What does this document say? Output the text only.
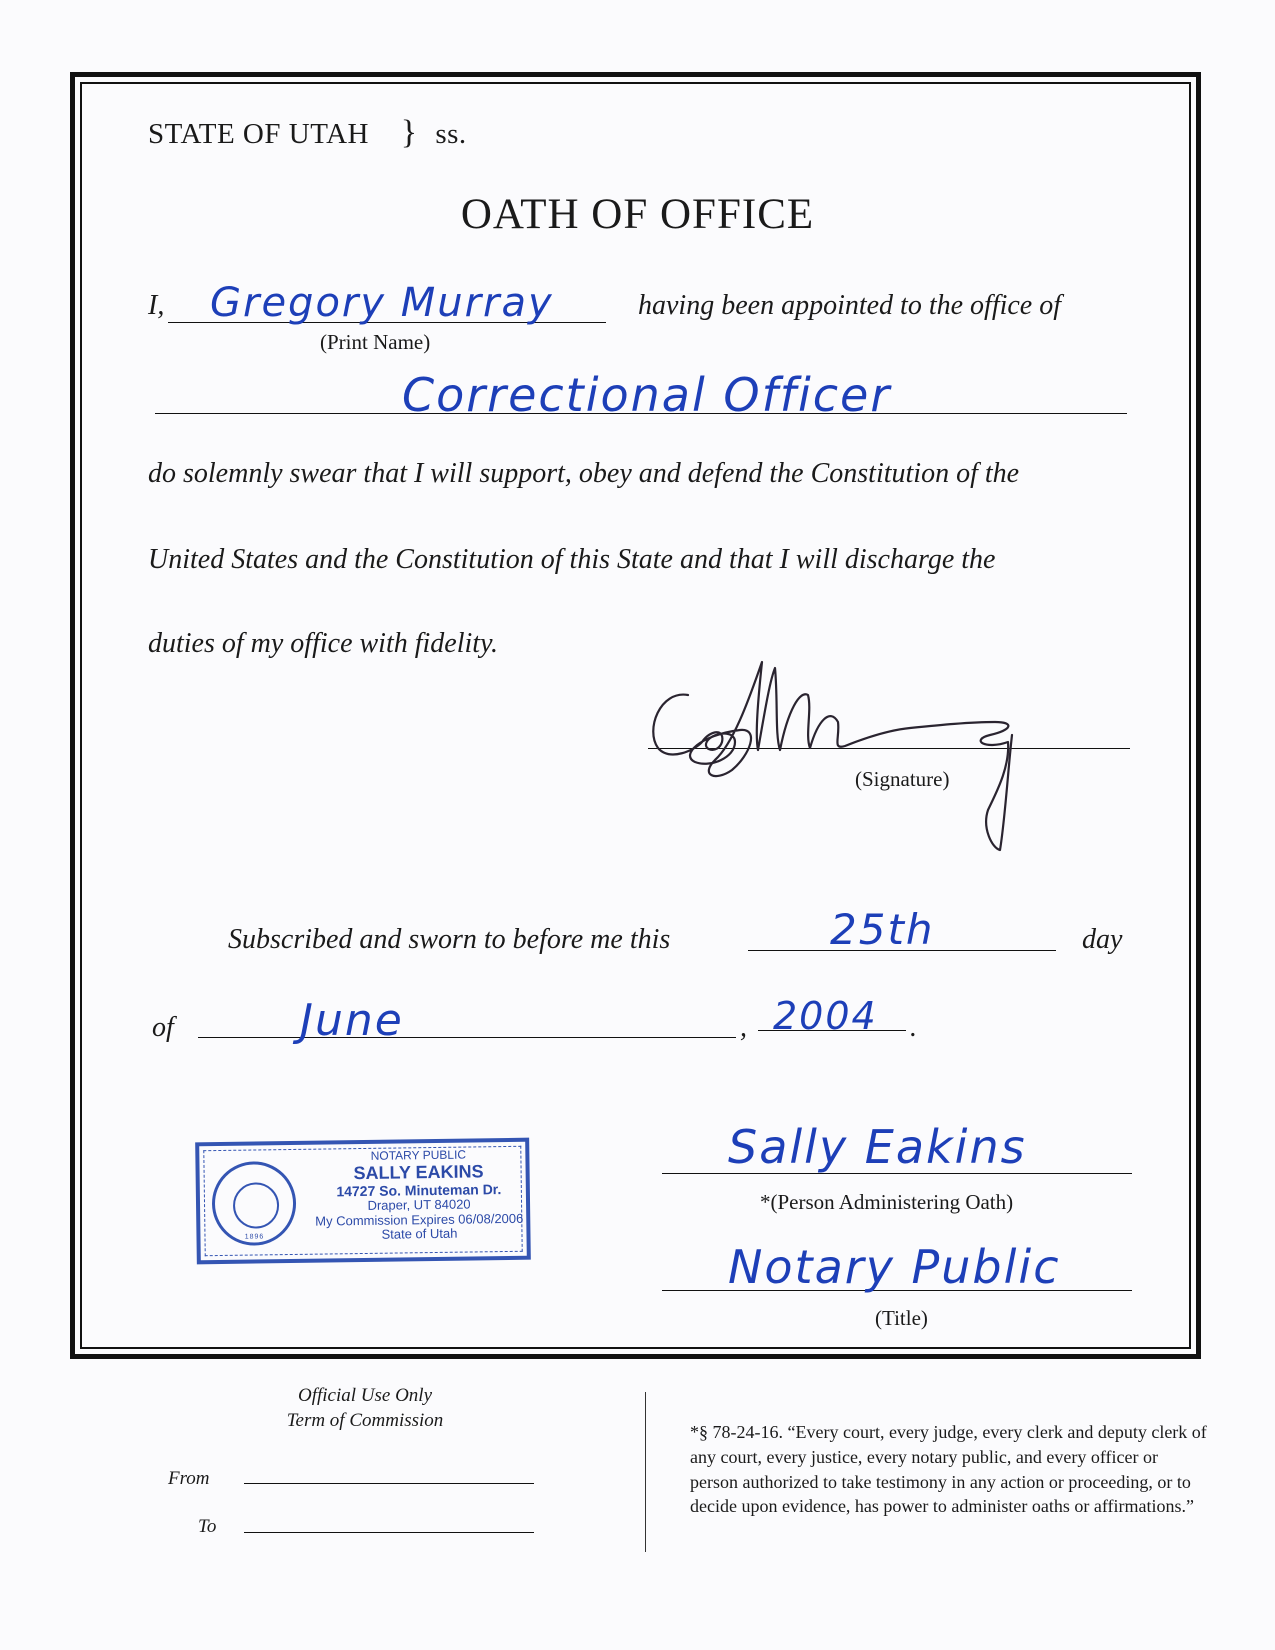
STATE OF UTAH } ss.
OATH OF OFFICE
I, Gregory Murray
(Print Name)
having been appointed to the office of
Correctional Officer
do solemnly swear that I will support, obey and defend the Constitution of the
United States and the Constitution of this State and that I will discharge the
duties of my office with fidelity.
(Signature)
Subscribed and sworn to before me this	25th	day
of	June	, 2004 .
1896
NOTARY PUBLIC
SALLY EAKINS
14727 So. Minuteman Dr.
Draper, UT 84020
My Commission Expires 06/08/2006
State of Utah
Sally Eakins
*(Person Administering Oath)
Notary Public
(Title)
Official Use Only
Term of Commission
From
To
*§ 78-24-16. “Every court, every judge, every clerk and deputy clerk of any court, every justice, every notary public, and every officer or person authorized to take testimony in any action or proceeding, or to decide upon evidence, has power to administer oaths or affirmations.”
